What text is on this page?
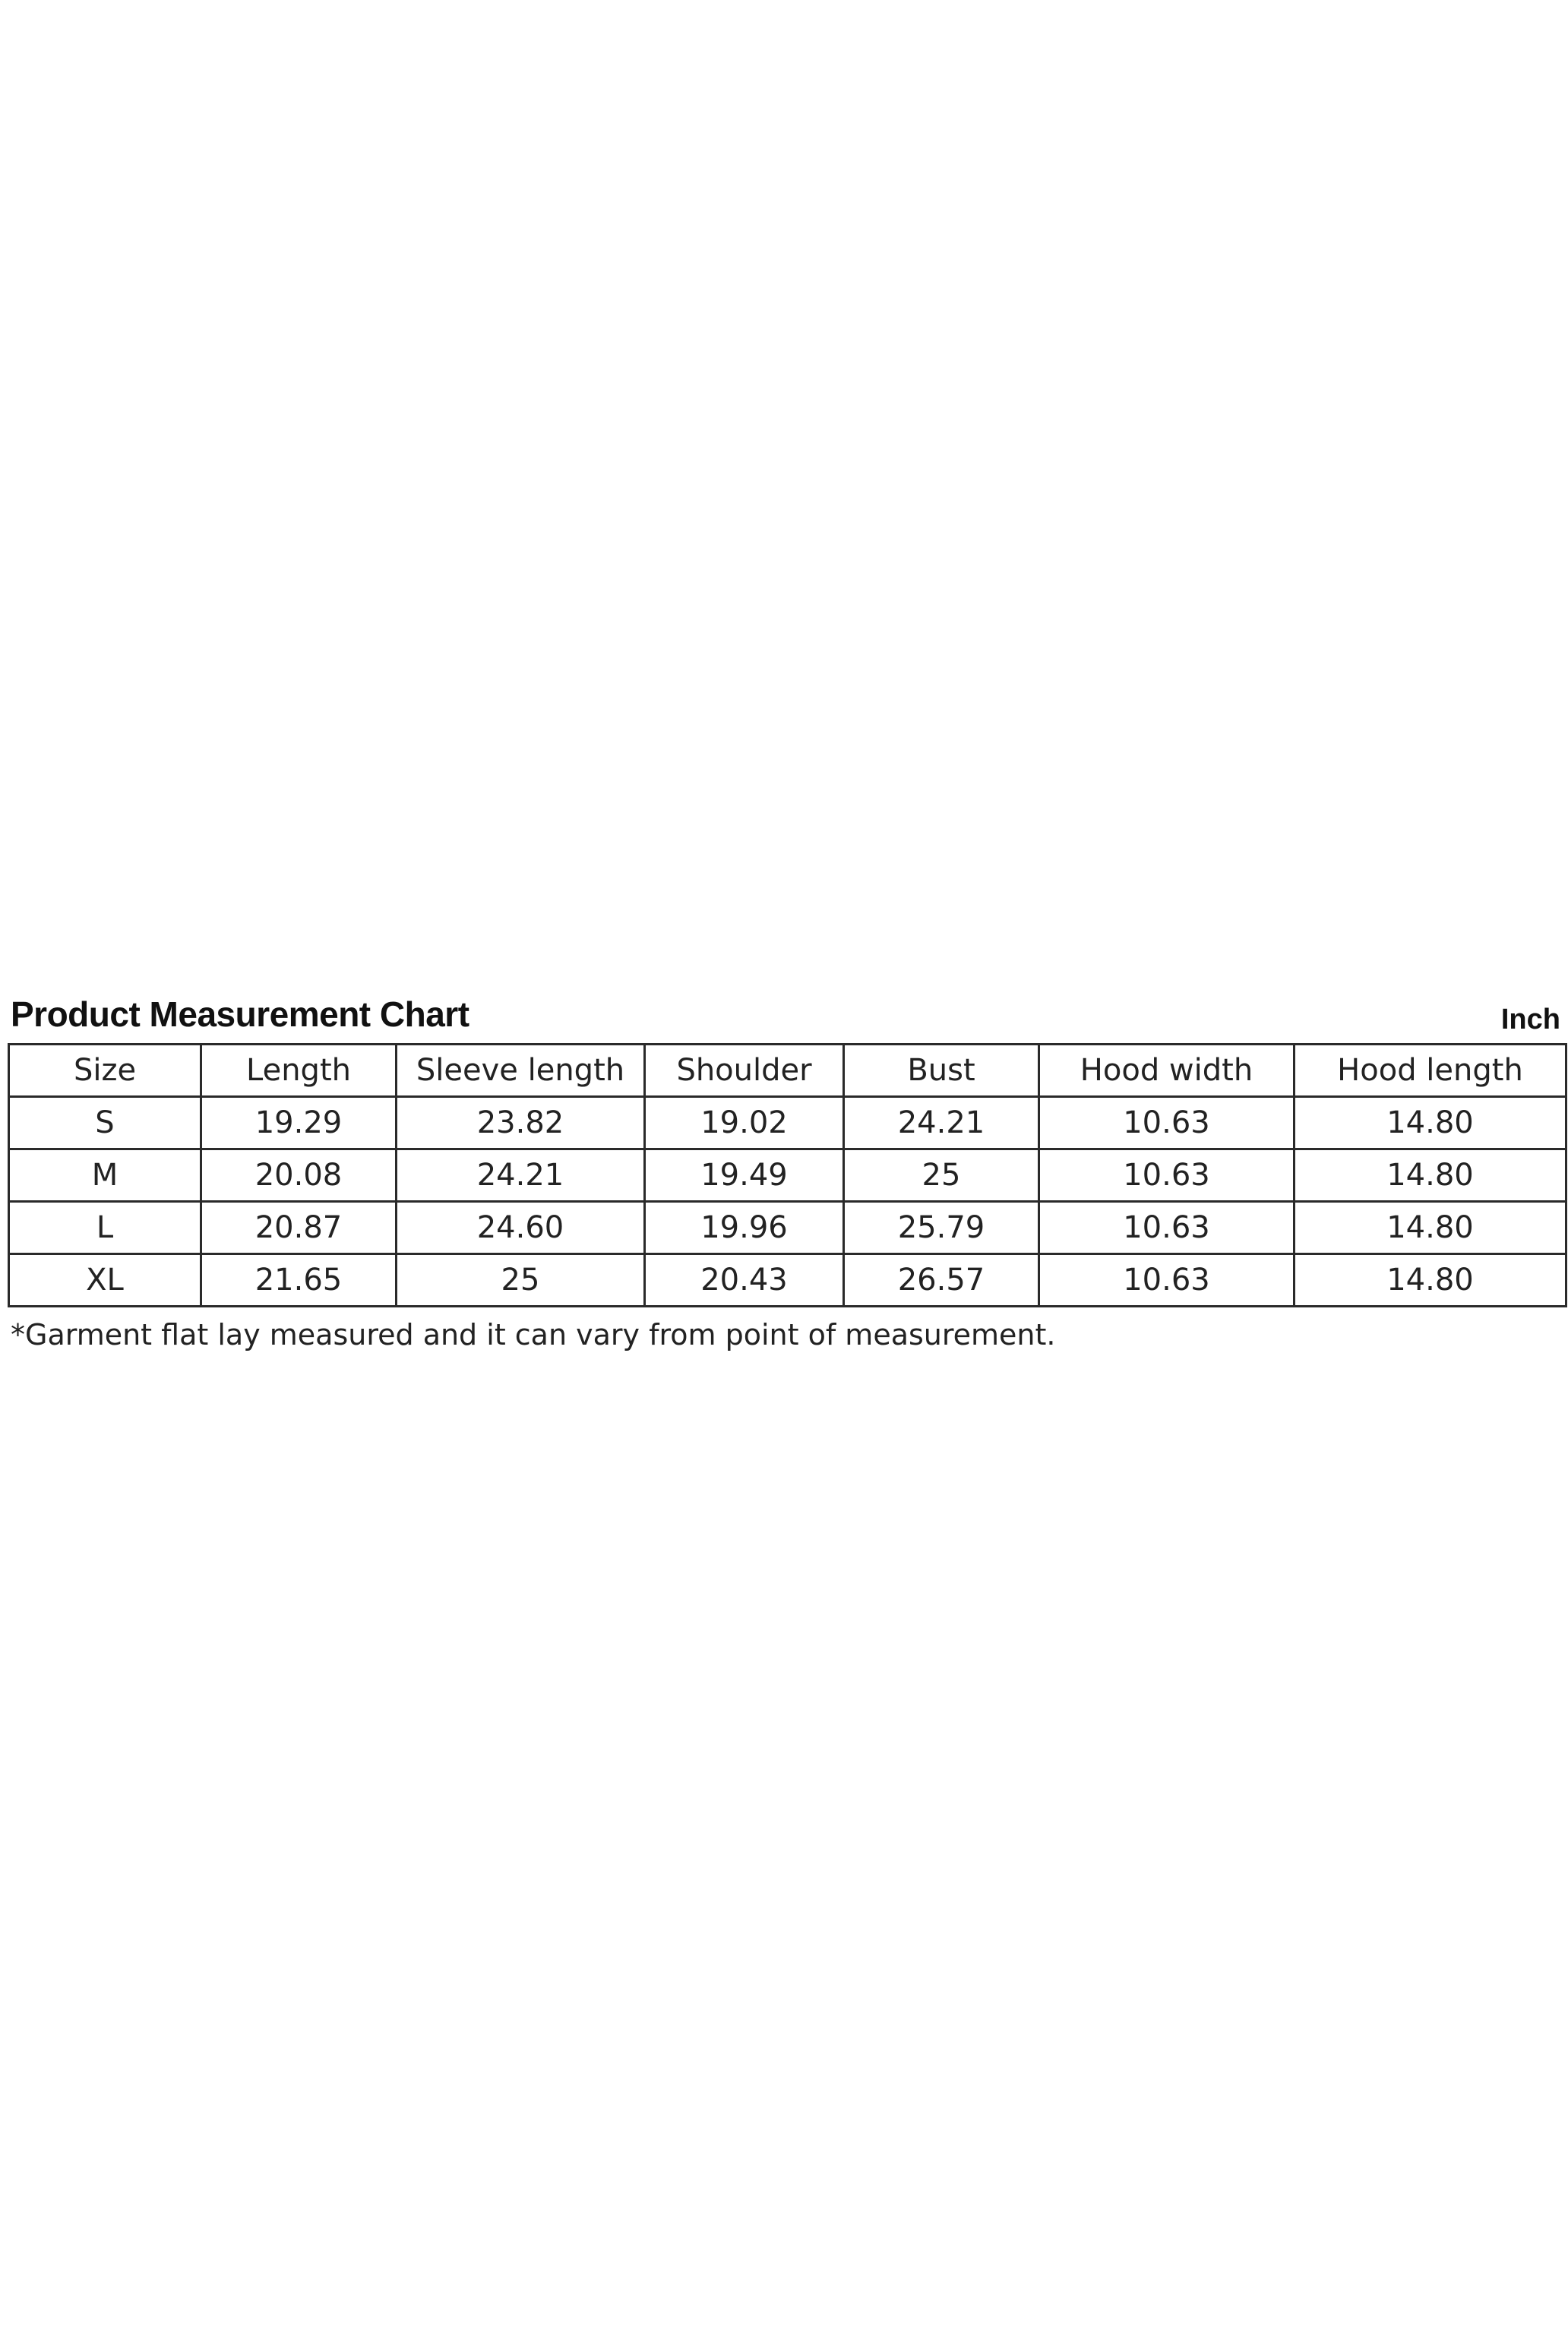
Product Measurement Chart	Inch
Size	Length	Sleeve length	Shoulder	Bust	Hood width	Hood length
S	19.29	23.82	19.02	24.21	10.63	14.80
M	20.08	24.21	19.49	25	10.63	14.80
L	20.87	24.60	19.96	25.79	10.63	14.80
XL	21.65	25	20.43	26.57	10.63	14.80
*Garment flat lay measured and it can vary from point of measurement.
